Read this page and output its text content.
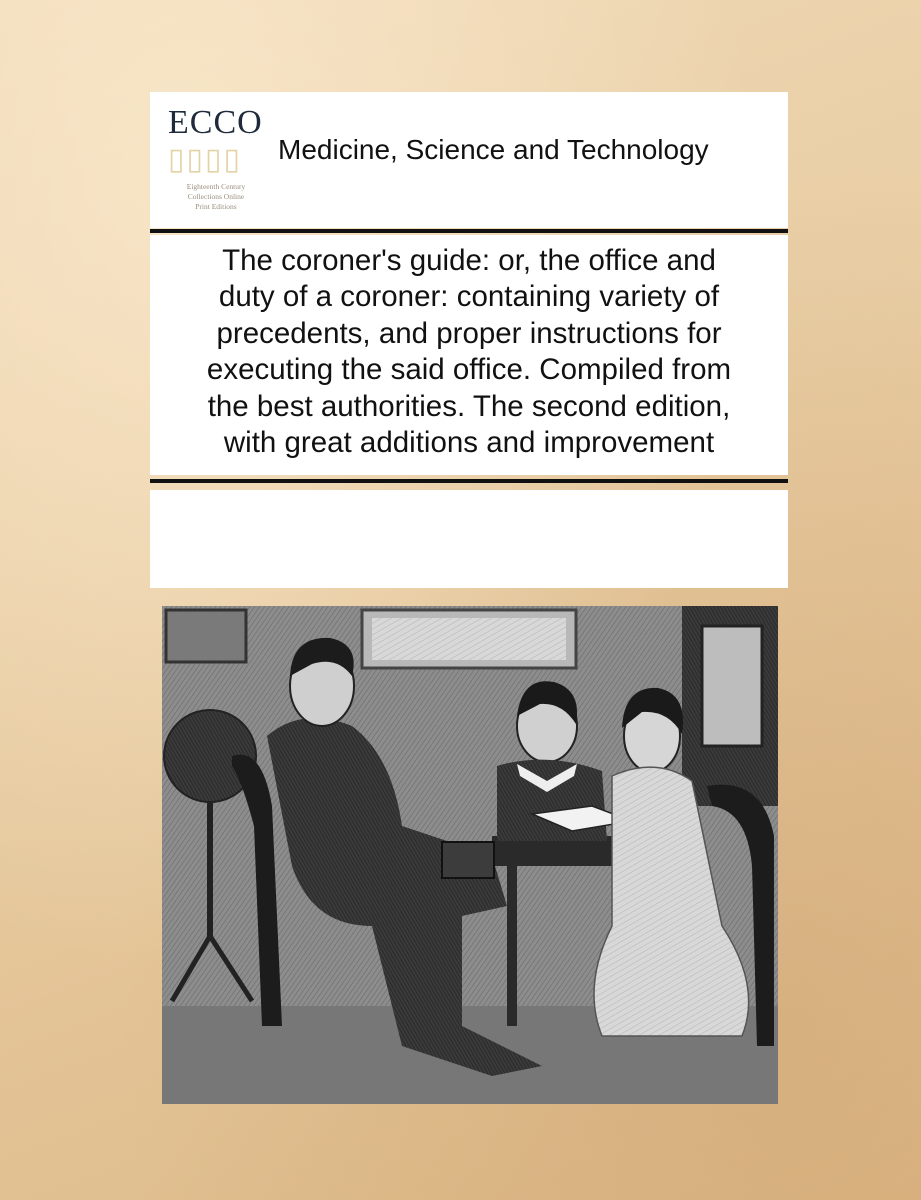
ECCO
▯▯▯▯
Eighteenth Century
Collections Online
Print Editions
Medicine, Science and Technology
The coroner's guide: or, the office and
duty of a coroner: containing variety of
precedents, and proper instructions for
executing the said office. Compiled from
the best authorities. The second edition,
with great additions and improvement
